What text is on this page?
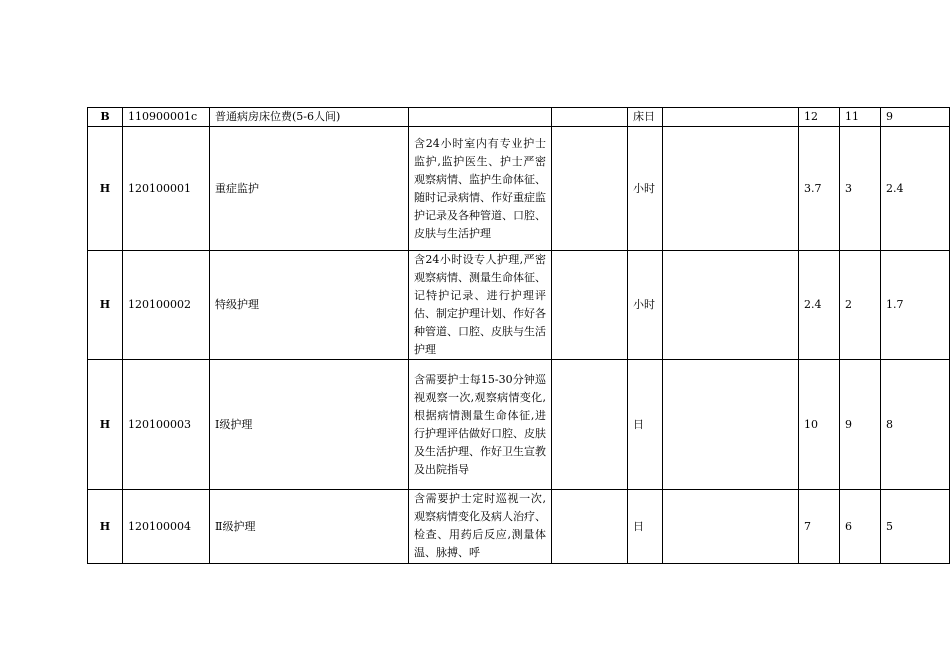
B	110900001c	普通病房床位费(5-6人间)			床日		12	11	9
H	120100001	重症监护	含24小时室内有专业护士监护,监护医生、护士严密观察病情、监护生命体征、随时记录病情、作好重症监护记录及各种管道、口腔、皮肤与生活护理		小时		3.7	3	2.4
H	120100002	特级护理	含24小时设专人护理,严密观察病情、测量生命体征、记特护记录、进行护理评估、制定护理计划、作好各种管道、口腔、皮肤与生活护理		小时		2.4	2	1.7
H	120100003	Ⅰ级护理	含需要护士每15-30分钟巡视观察一次,观察病情变化,根据病情测量生命体征,进行护理评估做好口腔、皮肤及生活护理、作好卫生宣教及出院指导		日		10	9	8
H	120100004	Ⅱ级护理	含需要护士定时巡视一次,观察病情变化及病人治疗、检查、用药后反应,测量体温、脉搏、呼		日		7	6	5
